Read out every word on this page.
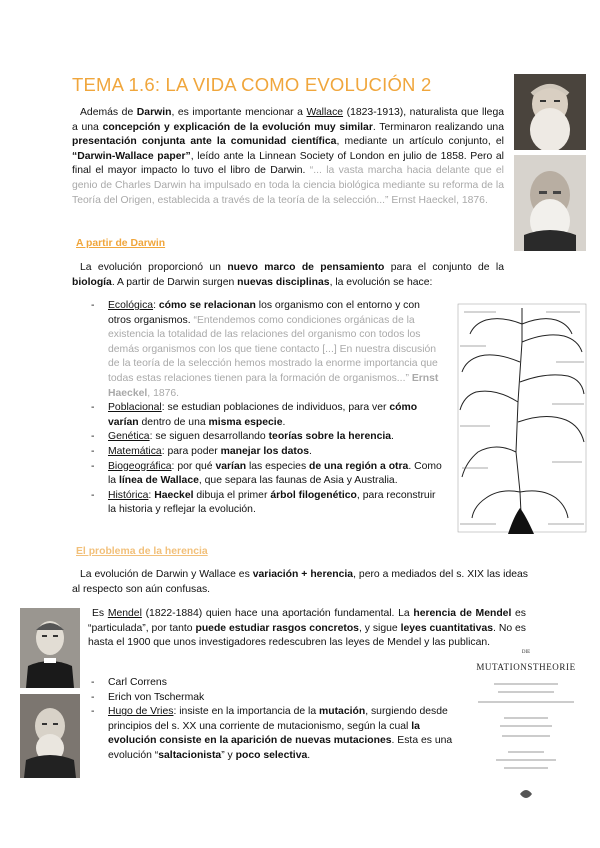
TEMA 1.6: LA VIDA COMO EVOLUCIÓN 2

Además de Darwin, es importante mencionar a Wallace (1823-1913), naturalista que llega a una concepción y explicación de la evolución muy similar. Terminaron realizando una presentación conjunta ante la comunidad científica, mediante un artículo conjunto, el “Darwin-Wallace paper”, leído ante la Linnean Society of London en julio de 1858. Pero al final el mayor impacto lo tuvo el libro de Darwin. “... la vasta marcha hacia delante que el genio de Charles Darwin ha impulsado en toda la ciencia biológica mediante su reforma de la Teoría del Origen, establecida a través de la teoría de la selección...” Ernst Haeckel, 1876.

A partir de Darwin

La evolución proporcionó un nuevo marco de pensamiento para el conjunto de la biología. A partir de Darwin surgen nuevas disciplinas, la evolución se hace:

- Ecológica: cómo se relacionan los organismo con el entorno y con otros organismos. “Entendemos como condiciones orgánicas de la existencia la totalidad de las relaciones del organismo con todos los demás organismos con los que tiene contacto [...] En nuestra discusión de la teoría de la selección hemos mostrado la enorme importancia que todas estas relaciones tienen para la formación de organismos...” Ernst Haeckel, 1876.
- Poblacional: se estudian poblaciones de individuos, para ver cómo varían dentro de una misma especie.
- Genética: se siguen desarrollando teorías sobre la herencia.
- Matemática: para poder manejar los datos.
- Biogeográfica: por qué varían las especies de una región a otra. Como la línea de Wallace, que separa las faunas de Asia y Australia.
- Histórica: Haeckel dibuja el primer árbol filogenético, para reconstruir la historia y reflejar la evolución.
El problema de la herencia

La evolución de Darwin y Wallace es variación + herencia, pero a mediados del s. XIX las ideas al respecto son aún confusas.

Es Mendel (1822-1884) quien hace una aportación fundamental. La herencia de Mendel es “particulada”, por tanto puede estudiar rasgos concretos, y sigue leyes cuantitativas. No es hasta el 1900 que unos investigadores redescubren las leyes de Mendel y las publican.

- Carl Correns
- Erich von Tschermak
- Hugo de Vries: insiste en la importancia de la mutación, surgiendo desde principios del s. XX una corriente de mutacionismo, según la cual la evolución consiste en la aparición de nuevas mutaciones. Esta es una evolución “saltacionista” y poco selectiva.
DIE
MUTATIONSTHEORIE
